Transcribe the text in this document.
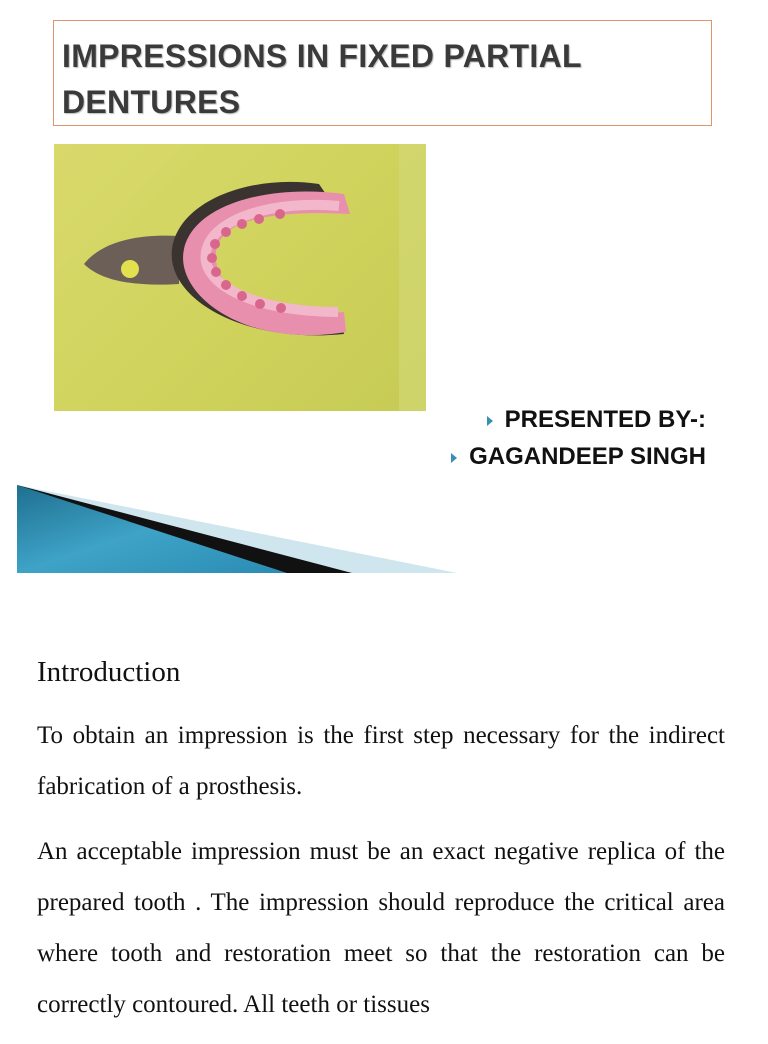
IMPRESSIONS IN FIXED PARTIAL DENTURES
PRESENTED BY-:
GAGANDEEP SINGH
Introduction

To obtain an impression is the first step necessary for the indirect fabrication of a prosthesis.

An acceptable impression must be an exact negative replica of the prepared tooth . The impression should reproduce the critical area where tooth and restoration meet so that the restoration can be correctly contoured. All teeth or tissues
